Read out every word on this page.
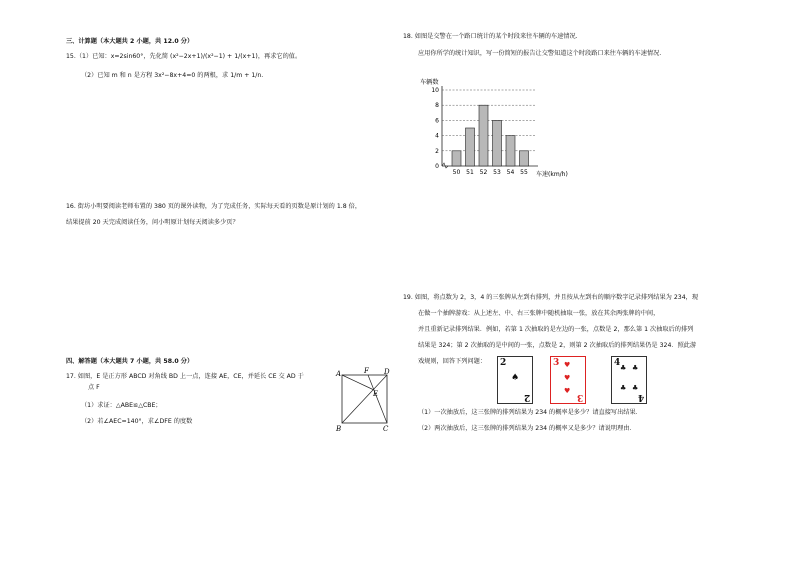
三、计算题（本大题共 2 小题，共 12.0 分）
15.（1）已知：x=2sin60°，先化简 (x²−2x+1)/(x²−1) + 1/(x+1)，再求它的值。
（2）已知 m 和 n 是方程 3x²−8x+4=0 的两根，求 1/m + 1/n.
16. 街坊小明要阅读老师布置的 380 页的课外读物，为了完成任务，实际每天看的页数是原计划的 1.8 倍，
结果提前 20 天完成阅读任务，问小明原计划每天阅读多少页？
四、解答题（本大题共 7 小题，共 58.0 分）
17. 如图，E 是正方形 ABCD 对角线 BD 上一点，连接 AE，CE，并延长 CE 交 AD 于
点 F
（1）求证：△ABE≌△CBE；
（2）若∠AEC=140°，求∠DFE 的度数
A	F D
E
B	C
18. 如图是交警在一个路口统计的某个时段来往车辆的车速情况.
应用你所学的统计知识，写一份简短的报告让交警知道这个时段路口来往车辆的车速情况.
车辆数
车速(km/h)
0
2
4
6
8
10
50 51 52 53 54 55
19. 如图，将点数为 2，3，4 的三张牌从左到右排列，并且按从左到右的顺序数字记录排列结果为 234，现
在做一个抽牌游戏：从上述左、中、右三张牌中随机抽取一张，放在其余两张牌的中间，
并且重新记录排列结果．例如，若第 1 次抽取的是左边的一张，点数是 2，那么第 1 次抽取后的排列
结果是 324；第 2 次抽取的是中间的一张，点数是 2，则第 2 次抽取后的排列结果仍是 324．照此游
戏规则，回答下列问题： 2
♠
2
3 ♥
♥
♥
3
4 ♣ ♣
♣ ♣
4
（1）一次抽放后，这三张牌的排列结果为 234 的概率是多少？请直接写出结果．
（2）两次抽放后，这三张牌的排列结果为 234 的概率又是多少？请说明理由．
